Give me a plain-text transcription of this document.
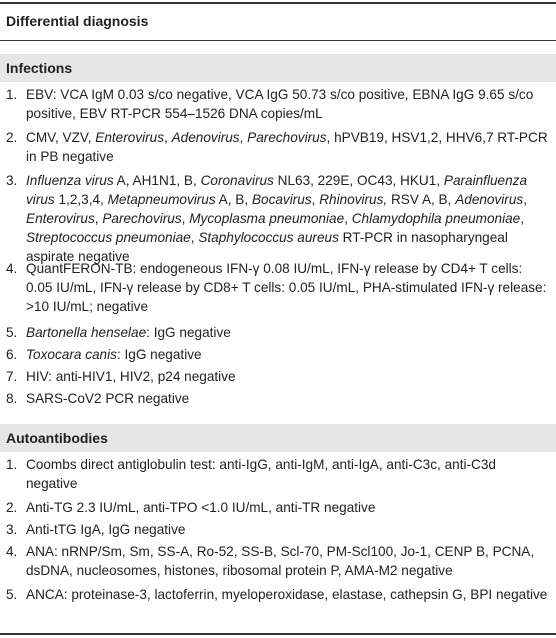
Differential diagnosis
Infections
1. EBV: VCA IgM 0.03 s/co negative, VCA IgG 50.73 s/co positive, EBNA IgG 9.65 s/co positive, EBV RT-PCR 554–1526 DNA copies/mL
2. CMV, VZV, Enterovirus, Adenovirus, Parechovirus, hPVB19, HSV1,2, HHV6,7 RT-PCR in PB negative
3. Influenza virus A, AH1N1, B, Coronavirus NL63, 229E, OC43, HKU1, Parainfluenza virus 1,2,3,4, Metapneumovirus A, B, Bocavirus, Rhinovirus, RSV A, B, Adenovirus, Enterovirus, Parechovirus, Mycoplasma pneumoniae, Chlamydophila pneumoniae, Streptococcus pneumoniae, Staphylococcus aureus RT-PCR in nasopharyngeal aspirate negative
4. QuantFERON-TB: endogeneous IFN-γ 0.08 IU/mL, IFN-γ release by CD4+ T cells: 0.05 IU/mL, IFN-γ release by CD8+ T cells: 0.05 IU/mL, PHA-stimulated IFN-γ release: >10 IU/mL; negative
5. Bartonella henselae: IgG negative
6. Toxocara canis: IgG negative
7. HIV: anti-HIV1, HIV2, p24 negative
8. SARS-CoV2 PCR negative
Autoantibodies
1. Coombs direct antiglobulin test: anti-IgG, anti-IgM, anti-IgA, anti-C3c, anti-C3d negative
2. Anti-TG 2.3 IU/mL, anti-TPO <1.0 IU/mL, anti-TR negative
3. Anti-tTG IgA, IgG negative
4. ANA: nRNP/Sm, Sm, SS-A, Ro-52, SS-B, Scl-70, PM-Scl100, Jo-1, CENP B, PCNA, dsDNA, nucleosomes, histones, ribosomal protein P, AMA-M2 negative
5. ANCA: proteinase-3, lactoferrin, myeloperoxidase, elastase, cathepsin G, BPI negative
